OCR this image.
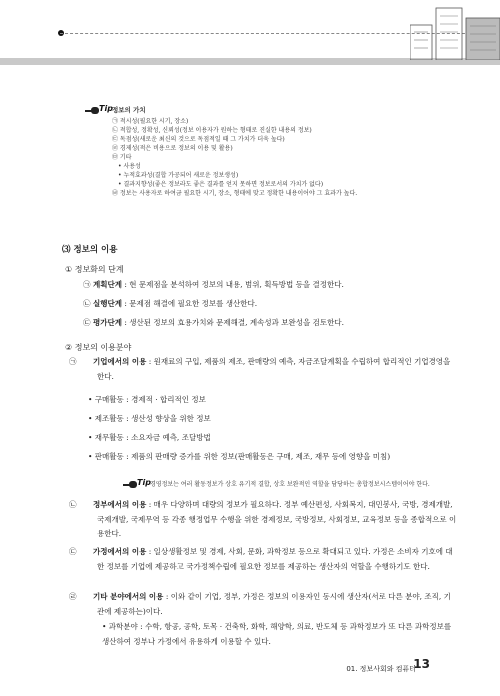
Tip 정보의 가치
㉠ 적시성(필요한 시기, 장소)
㉡ 적합성, 정확성, 신뢰성(정보 이용자가 원하는 형태로 진실한 내용의 정보)
㉢ 독점성(새로운 최신의 것으로 독점적일 때 그 가치가 더욱 높다)
㉣ 경제성(적은 비용으로 정보의 이용 및 활용)
㉤ 기타
• 사용성
• 누적효과성(결합 가공되어 새로운 정보생성)
• 결과지향성(좋은 정보라도 좋은 결과를 얻지 못하면 정보로서의 가치가 없다)
㉥ 정보는 사용자로 하여금 필요한 시기, 장소, 형태에 맞고 정확한 내용이어야 그 효과가 높다.
⑶ 정보의 이용
① 정보화의 단계
㉠ 계획단계 : 현 문제점을 분석하여 정보의 내용, 범위, 획득방법 등을 결정한다.
㉡ 실행단계 : 문제점 해결에 필요한 정보를 생산한다.
㉢ 평가단계 : 생산된 정보의 효용가치와 문제해결, 계속성과 보완성을 검토한다.
② 정보의 이용분야
㉠ 기업에서의 이용 : 원재료의 구입, 제품의 제조, 판매량의 예측, 자금조달계획을 수립하여 합리적인 기업경영을 한다.
• 구매활동 : 경제적 · 합리적인 정보
• 제조활동 : 생산성 향상을 위한 정보
• 재무활동 : 소요자금 예측, 조달방법
• 판매활동 : 제품의 판매량 증가를 위한 정보(판매활동은 구매, 제조, 재무 등에 영향을 미침)
Tip 경영정보는 여러 활동정보가 상호 유기적 결합, 상호 보완적인 역할을 담당하는 총합정보시스템이어야 한다.
㉡ 정부에서의 이용 : 매우 다양하며 대량의 정보가 필요하다. 정부 예산편성, 사회복지, 대민봉사, 국방, 경제개발, 국제개발, 국제무역 등 각종 행정업무 수행을 위한 경제정보, 국방정보, 사회정보, 교육정보 등을 종합적으로 이용한다.
㉢ 가정에서의 이용 : 일상생활정보 및 경제, 사회, 문화, 과학정보 등으로 확대되고 있다. 가정은 소비자 기호에 대한 정보를 기업에 제공하고 국가정책수립에 필요한 정보를 제공하는 생산자의 역할을 수행하기도 한다.
㉣ 기타 분야에서의 이용 : 이와 같이 기업, 정부, 가정은 정보의 이용자인 동시에 생산자(서로 다른 분야, 조직, 기관에 제공하는)이다.
• 과학분야 : 수학, 항공, 공학, 토목 · 건축학, 화학, 해양학, 의료, 반도체 등 과학정보가 또 다른 과학정보를 생산하여 정부나 가정에서 유용하게 이용할 수 있다.
01. 정보사회와 컴퓨터
13
